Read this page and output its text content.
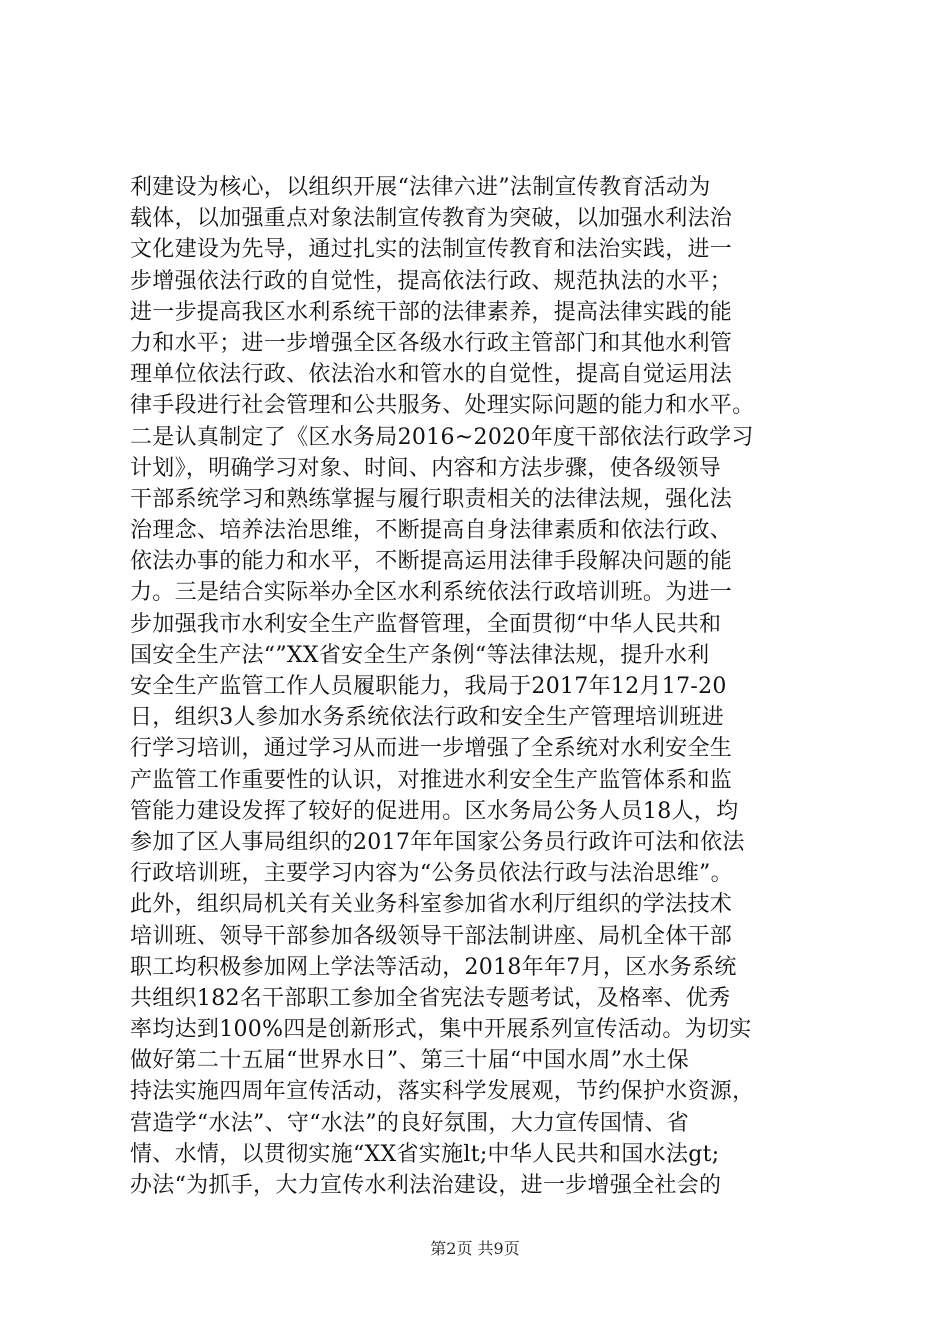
利建设为核心，以组织开展“法律六进”法制宣传教育活动为
载体，以加强重点对象法制宣传教育为突破，以加强水利法治
文化建设为先导，通过扎实的法制宣传教育和法治实践，进一
步增强依法行政的自觉性，提高依法行政、规范执法的水平；
进一步提高我区水利系统干部的法律素养，提高法律实践的能
力和水平；进一步增强全区各级水行政主管部门和其他水利管
理单位依法行政、依法治水和管水的自觉性，提高自觉运用法
律手段进行社会管理和公共服务、处理实际问题的能力和水平。
二是认真制定了《区水务局2016~2020年度干部依法行政学习
计划》，明确学习对象、时间、内容和方法步骤，使各级领导
干部系统学习和熟练掌握与履行职责相关的法律法规，强化法
治理念、培养法治思维，不断提高自身法律素质和依法行政、
依法办事的能力和水平，不断提高运用法律手段解决问题的能
力。三是结合实际举办全区水利系统依法行政培训班。为进一
步加强我市水利安全生产监督管理，全面贯彻“中华人民共和
国安全生产法“”XX省安全生产条例“等法律法规，提升水利
安全生产监管工作人员履职能力，我局于2017年12月17-20
日，组织3人参加水务系统依法行政和安全生产管理培训班进
行学习培训，通过学习从而进一步增强了全系统对水利安全生
产监管工作重要性的认识，对推进水利安全生产监管体系和监
管能力建设发挥了较好的促进用。区水务局公务人员18人，均
参加了区人事局组织的2017年年国家公务员行政许可法和依法
行政培训班，主要学习内容为“公务员依法行政与法治思维”。
此外，组织局机关有关业务科室参加省水利厅组织的学法技术
培训班、领导干部参加各级领导干部法制讲座、局机全体干部
职工均积极参加网上学法等活动，2018年年7月，区水务系统
共组织182名干部职工参加全省宪法专题考试，及格率、优秀
率均达到100%四是创新形式，集中开展系列宣传活动。为切实
做好第二十五届“世界水日”、第三十届“中国水周”水土保
持法实施四周年宣传活动，落实科学发展观，节约保护水资源，
营造学“水法”、守“水法”的良好氛围，大力宣传国情、省
情、水情，以贯彻实施“XX省实施lt;中华人民共和国水法gt;
办法“为抓手，大力宣传水利法治建设，进一步增强全社会的
第2页 共9页
